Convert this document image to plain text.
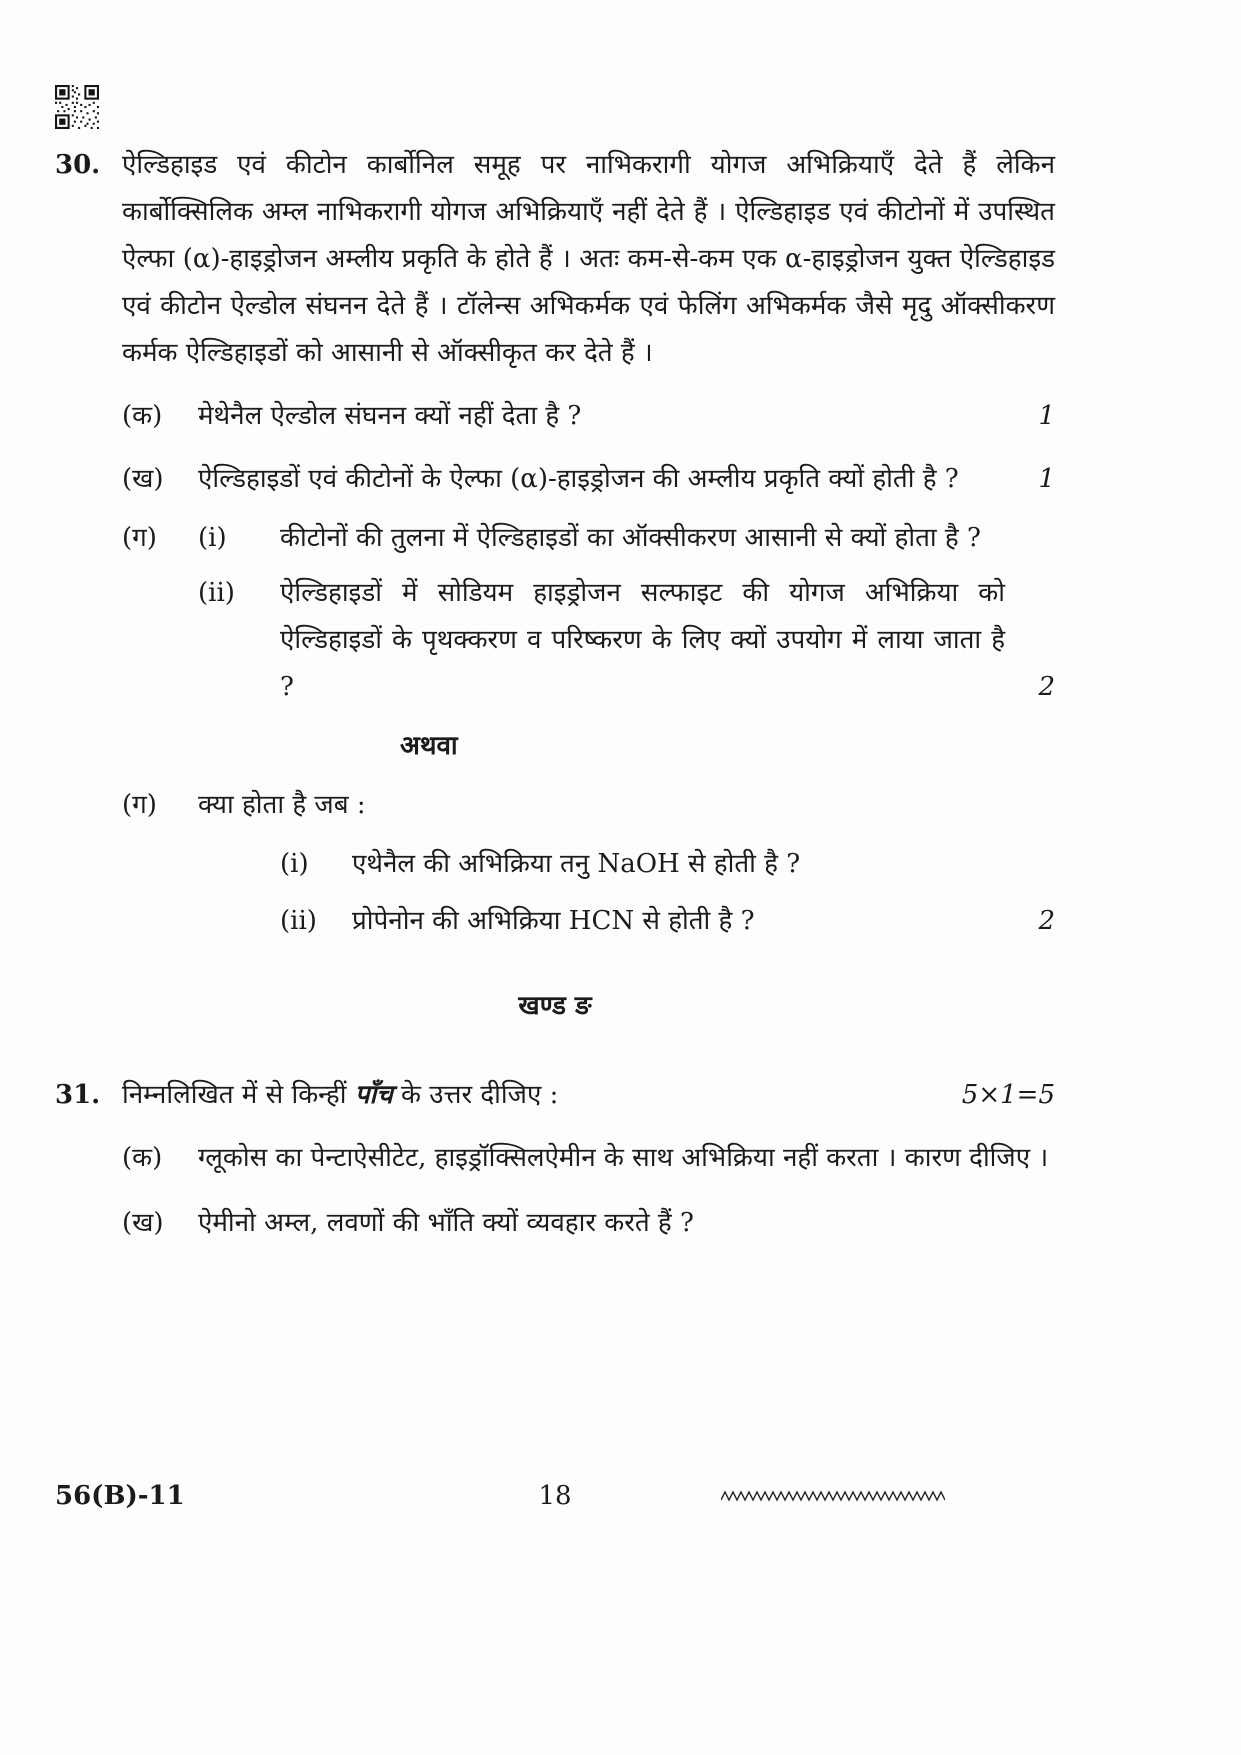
30. ऐल्डिहाइड एवं कीटोन कार्बोनिल समूह पर नाभिकरागी योगज अभिक्रियाएँ देते हैं लेकिन कार्बोक्सिलिक अम्ल नाभिकरागी योगज अभिक्रियाएँ नहीं देते हैं । ऐल्डिहाइड एवं कीटोनों में उपस्थित ऐल्फा (α)-हाइड्रोजन अम्लीय प्रकृति के होते हैं । अतः कम-से-कम एक α-हाइड्रोजन युक्त ऐल्डिहाइड एवं कीटोन ऐल्डोल संघनन देते हैं । टॉलेन्स अभिकर्मक एवं फेलिंग अभिकर्मक जैसे मृदु ऑक्सीकरण कर्मक ऐल्डिहाइडों को आसानी से ऑक्सीकृत कर देते हैं ।
(क)	मेथेनैल ऐल्डोल संघनन क्यों नहीं देता है ?	1
(ख)	ऐल्डिहाइडों एवं कीटोनों के ऐल्फा (α)-हाइड्रोजन की अम्लीय प्रकृति क्यों होती है ?	1
(ग)	(i)	कीटोनों की तुलना में ऐल्डिहाइडों का ऑक्सीकरण आसानी से क्यों होता है ?
(ii)	ऐल्डिहाइडों में सोडियम हाइड्रोजन सल्फाइट की योगज अभिक्रिया को ऐल्डिहाइडों के पृथक्करण व परिष्करण के लिए क्यों उपयोग में लाया जाता है ?	2
अथवा
(ग)	क्या होता है जब :
(i)	एथेनैल की अभिक्रिया तनु NaOH से होती है ?
(ii)	प्रोपेनोन की अभिक्रिया HCN से होती है ?	2
खण्ड ङ
31. निम्नलिखित में से किन्हीं पाँच के उत्तर दीजिए :	5×1=5
(क)	ग्लूकोस का पेन्टाऐसीटेट, हाइड्रॉक्सिलऐमीन के साथ अभिक्रिया नहीं करता । कारण दीजिए ।
(ख)	ऐमीनो अम्ल, लवणों की भाँति क्यों व्यवहार करते हैं ?
56(B)-11	18
